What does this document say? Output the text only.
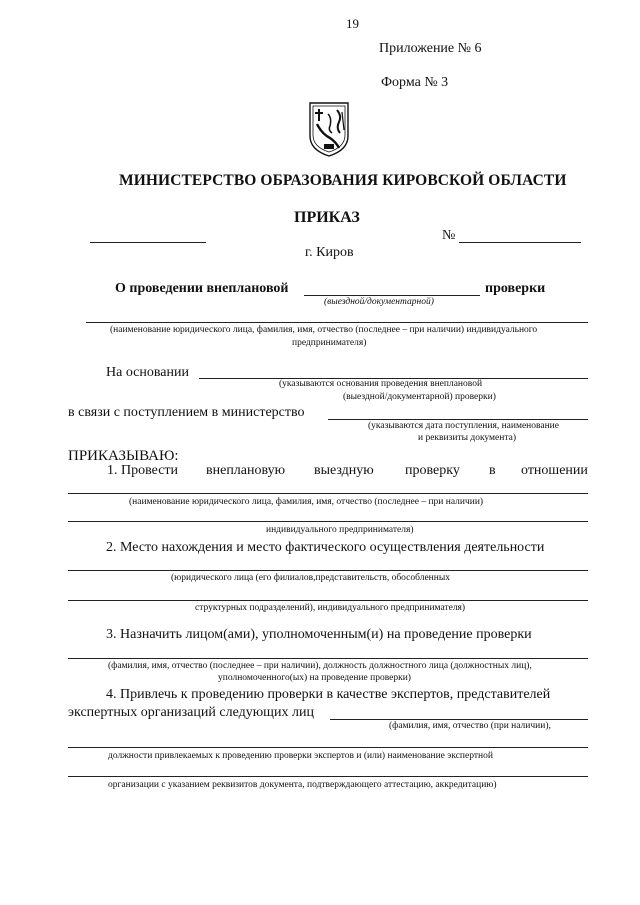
19
Приложение № 6
Форма № 3
МИНИСТЕРСТВО ОБРАЗОВАНИЯ КИРОВСКОЙ ОБЛАСТИ
ПРИКАЗ
№
г. Киров
О проведении внеплановой	проверки
(выездной/документарной)
(наименование юридического лица, фамилия, имя, отчество (последнее – при наличии) индивидуального
предпринимателя)
На основании
(указываются основания проведения внеплановой
(выездной/документарной) проверки)
в связи с поступлением в министерство
(указываются дата поступления, наименование
и реквизиты документа)
ПРИКАЗЫВАЮ:
1. Провести внеплановую выездную проверку в отношении
(наименование юридического лица, фамилия, имя, отчество (последнее – при наличии)
индивидуального предпринимателя)
2. Место нахождения и место фактического осуществления деятельности
(юридического лица (его филиалов,представительств, обособленных
структурных подразделений), индивидуального предпринимателя)
3. Назначить лицом(ами), уполномоченным(и) на проведение проверки
(фамилия, имя, отчество (последнее – при наличии), должность должностного лица (должностных лиц),
уполномоченного(ых) на проведение проверки)
4. Привлечь к проведению проверки в качестве экспертов, представителей
экспертных организаций следующих лиц
(фамилия, имя, отчество (при наличии),
должности привлекаемых к проведению проверки экспертов и (или) наименование экспертной
организации с указанием реквизитов документа, подтверждающего аттестацию, аккредитацию)
